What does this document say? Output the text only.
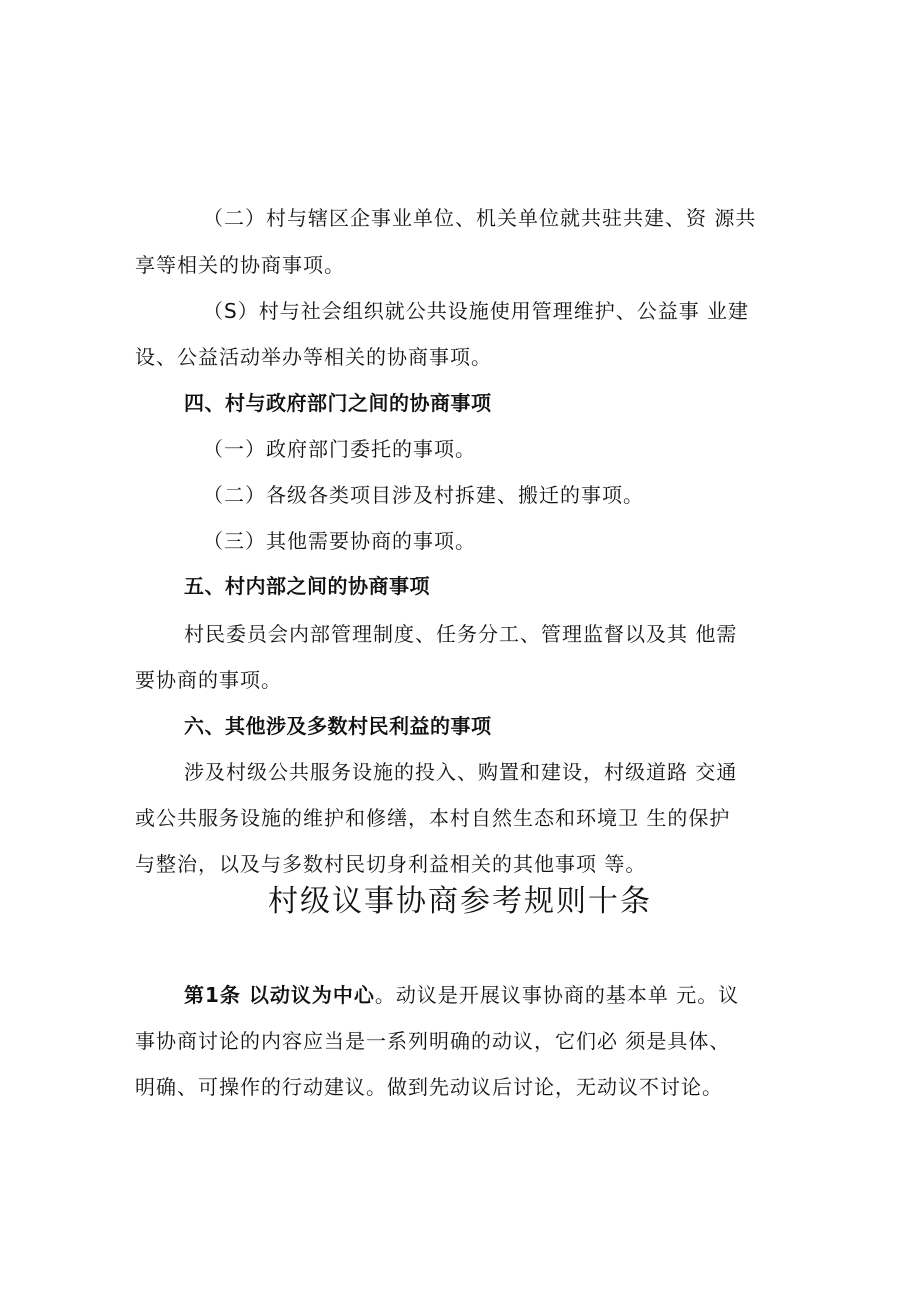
（二）村与辖区企事业单位、机关单位就共驻共建、资 源共

享等相关的协商事项。

（S）村与社会组织就公共设施使用管理维护、公益事 业建

设、公益活动举办等相关的协商事项。

四、村与政府部门之间的协商事项

（一）政府部门委托的事项。

（二）各级各类项目涉及村拆建、搬迁的事项。

（三）其他需要协商的事项。

五、村内部之间的协商事项

村民委员会内部管理制度、任务分工、管理监督以及其 他需

要协商的事项。

六、其他涉及多数村民利益的事项

涉及村级公共服务设施的投入、购置和建设，村级道路 交通

或公共服务设施的维护和修缮，本村自然生态和环境卫 生的保护

与整治，以及与多数村民切身利益相关的其他事项 等。

村级议事协商参考规则十条

第1条 以动议为中心。动议是开展议事协商的基本单 元。议

事协商讨论的内容应当是一系列明确的动议，它们必 须是具体、

明确、可操作的行动建议。做到先动议后讨论，无动议不讨论。
